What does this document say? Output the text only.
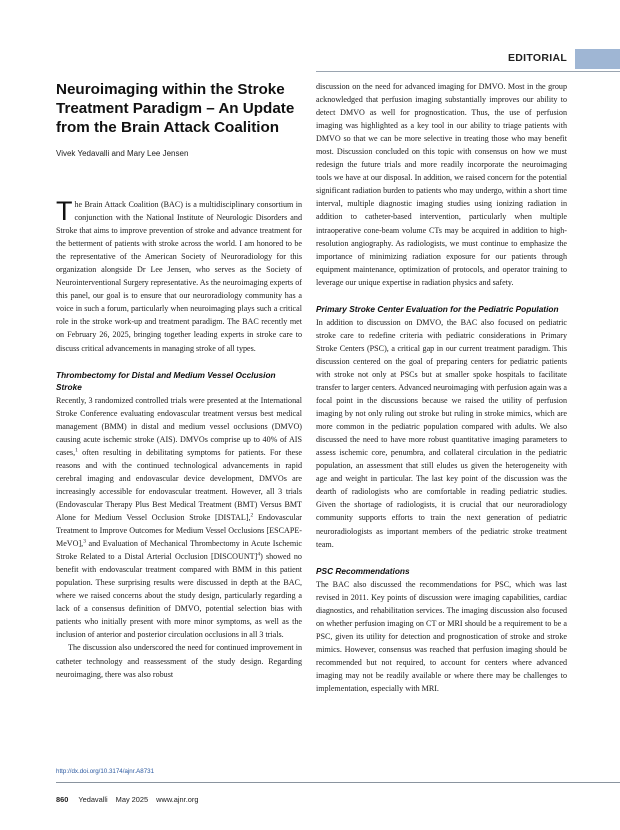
EDITORIAL
Neuroimaging within the Stroke Treatment Paradigm – An Update from the Brain Attack Coalition
Vivek Yedavalli and Mary Lee Jensen

The Brain Attack Coalition (BAC) is a multidisciplinary consortium in conjunction with the National Institute of Neurologic Disorders and Stroke that aims to improve prevention of stroke and advance treatment for the betterment of patients with stroke across the world. I am honored to be the representative of the American Society of Neuroradiology for this organization alongside Dr Lee Jensen, who serves as the Society of Neurointerventional Surgery representative. As the neuroimaging experts of this panel, our goal is to ensure that our neuroradiology community has a voice in such a forum, particularly when neuroimaging plays such a critical role in the stroke work-up and treatment paradigm. The BAC recently met on February 26, 2025, bringing together leading experts in stroke care to discuss critical advancements in managing stroke of all types.

Thrombectomy for Distal and Medium Vessel Occlusion Stroke

Recently, 3 randomized controlled trials were presented at the International Stroke Conference evaluating endovascular treatment versus best medical management (BMM) in distal and medium vessel occlusions (DMVO) causing acute ischemic stroke (AIS). DMVOs comprise up to 40% of AIS cases,$^1$ often resulting in debilitating symptoms for patients. For these reasons and with the continued technological advancements in rapid cerebral imaging and endovascular device development, DMVOs are increasingly accessible for endovascular treatment. However, all 3 trials (Endovascular Therapy Plus Best Medical Treatment (BMT) Versus BMT Alone for Medium Vessel Occlusion Stroke [DISTAL],$^2$ Endovascular Treatment to Improve Outcomes for Medium Vessel Occlusions [ESCAPE-MeVO],$^3$ and Evaluation of Mechanical Thrombectomy in Acute Ischemic Stroke Related to a Distal Arterial Occlusion [DISCOUNT]$^4$) showed no benefit with endovascular treatment compared with BMM in this patient population. These surprising results were discussed in depth at the BAC, where we raised concerns about the study design, particularly regarding a lack of a consensus definition of DMVO, potential selection bias with patients who initially present with more minor symptoms, as well as the inclusion of anterior and posterior circulation occlusions in all 3 trials.

The discussion also underscored the need for continued improvement in catheter technology and reassessment of the study design. Regarding neuroimaging, there was also robust

discussion on the need for advanced imaging for DMVO. Most in the group acknowledged that perfusion imaging substantially improves our ability to detect DMVO as well for prognostication. Thus, the use of perfusion imaging was highlighted as a key tool in our ability to triage patients with DMVO so that we can be more selective in treating those who may benefit most. Discussion concluded on this topic with consensus on how we must redesign the future trials and more readily incorporate the neuroimaging tools we have at our disposal. In addition, we raised concern for the potential significant radiation burden to patients who may undergo, within a short time interval, multiple diagnostic imaging studies using ionizing radiation in addition to catheter-based intervention, particularly when multiple intraoperative cone-beam volume CTs may be acquired in addition to high-resolution angiography. As radiologists, we must continue to emphasize the importance of minimizing radiation exposure for our patients through equipment maintenance, optimization of protocols, and operator training to leverage our unique expertise in radiation physics and safety.

Primary Stroke Center Evaluation for the Pediatric Population

In addition to discussion on DMVO, the BAC also focused on pediatric stroke care to redefine criteria with pediatric considerations in Primary Stroke Centers (PSC), a critical gap in our current treatment paradigm. This discussion centered on the goal of preparing centers for pediatric patients with stroke not only at PSCs but at smaller spoke hospitals to facilitate transfer to larger centers. Advanced neuroimaging with perfusion again was a focal point in the discussions because we raised the utility of perfusion imaging by not only ruling out stroke but ruling in stroke mimics, which are more common in the pediatric population compared with adults. We also discussed the need to have more robust quantitative imaging parameters to assess ischemic core, penumbra, and collateral circulation in the pediatric population, an assessment that still eludes us given the heterogeneity with age and weight in particular. The last key point of the discussion was the dearth of radiologists who are comfortable in reading pediatric studies. Given the shortage of radiologists, it is crucial that our neuroradiology community supports efforts to train the next generation of pediatric neuroradiologists as important members of the pediatric stroke treatment team.

PSC Recommendations

The BAC also discussed the recommendations for PSC, which was last revised in 2011. Key points of discussion were imaging capabilities, cardiac diagnostics, and rehabilitation services. The imaging discussion also focused on whether perfusion imaging on CT or MRI should be a requirement to be a PSC, given its utility for detection and prognostication of stroke and stroke mimics. However, consensus was reached that perfusion imaging should be recommended but not required, to account for centers where advanced imaging may not be readily available or where there may be challenges to implementation, especially with MRI.

http://dx.doi.org/10.3174/ajnr.A8731
860 Yedavalli May 2025 www.ajnr.org
